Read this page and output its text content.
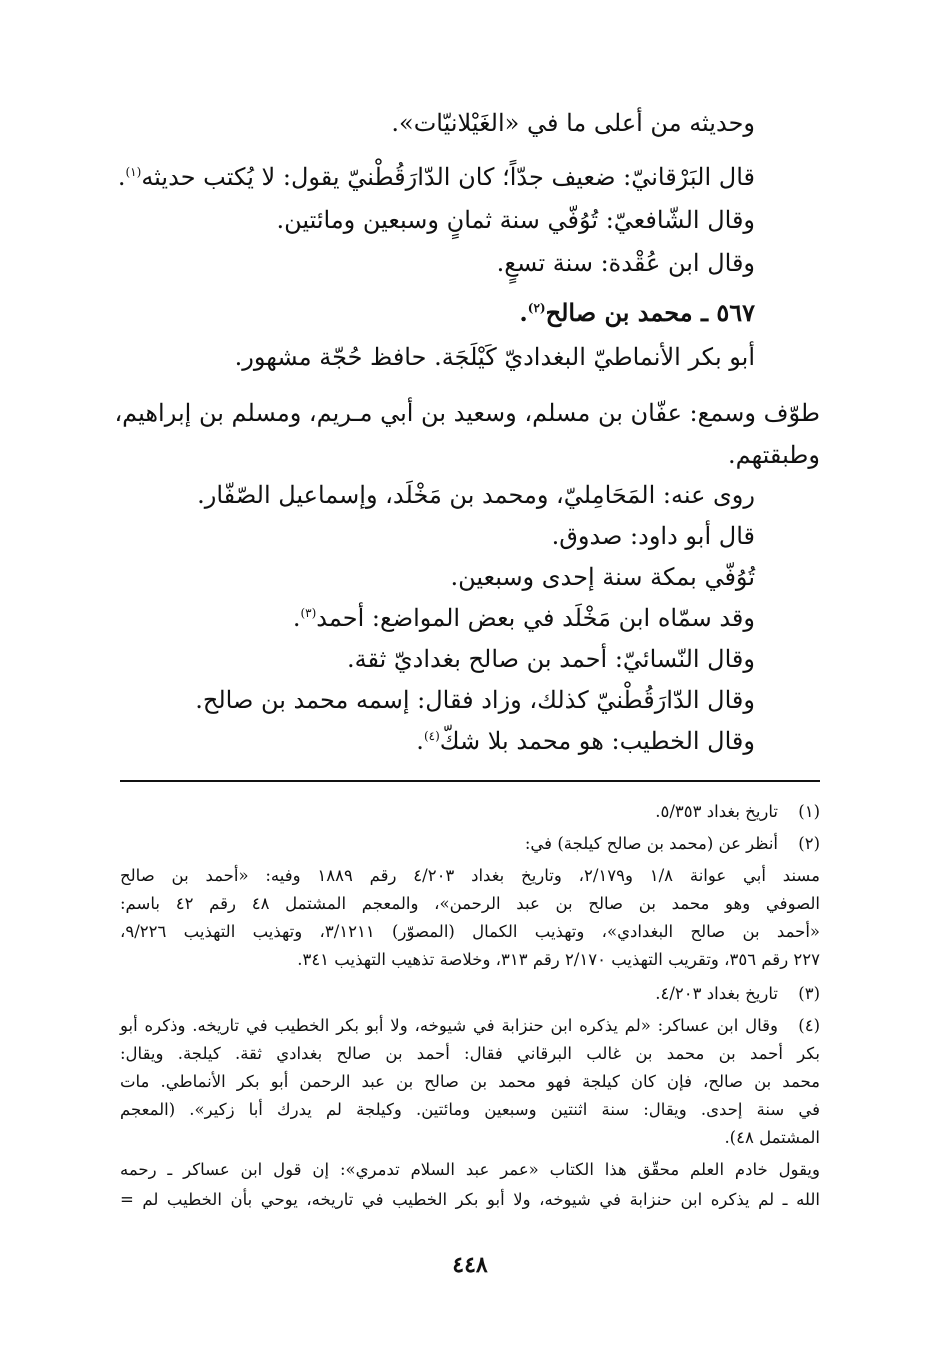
وحديثه من أعلى ما في «الغَيْلانيّات».
قال البَرْقانيّ: ضعيف جدّاً؛ كان الدّارَقُطْنيّ يقول: لا يُكتب حديثه$^{(١)}$.
وقال الشّافعيّ: تُوُفّي سنة ثمانٍ وسبعين ومائتين.
وقال ابن عُقْدة: سنة تسعٍ.
٥٦٧ ـ محمد بن صالح$^{(٢)}$.
أبو بكر الأنماطيّ البغداديّ كَيْلَجَة. حافظ حُجّة مشهور.
طوّف وسمع: عفّان بن مسلم، وسعيد بن أبي مـريم، ومسلم بن إبراهيم،
وطبقتهم.
روى عنه: المَحَامِليّ، ومحمد بن مَخْلَد، وإسماعيل الصّفّار.
قال أبو داود: صدوق.
تُوُفّي بمكة سنة إحدى وسبعين.
وقد سمّاه ابن مَخْلَد في بعض المواضع: أحمد$^{(٣)}$.
وقال النّسائيّ: أحمد بن صالح بغداديّ ثقة.
وقال الدّارَقُطْنيّ كذلك، وزاد فقال: إسمه محمد بن صالح.
وقال الخطيب: هو محمد بلا شكّ$^{(٤)}$.
(١)
تاريخ بغداد ٥/٣٥٣.
(٢)
أنظر عن (محمد بن صالح كيلجة) في:
مسند أبي عوانة ١/٨ و٢/١٧٩، وتاريخ بغداد ٤/٢٠٣ رقم ١٨٨٩ وفيه: «أحمد بن صالح
الصوفي وهو محمد بن صالح بن عبد الرحمن»، والمعجم المشتمل ٤٨ رقم ٤٢ باسم:
«أحمد بن صالح البغدادي»، وتهذيب الكمال (المصوّر) ٣/١٢١١، وتهذيب التهذيب ٩/٢٢٦،
٢٢٧ رقم ٣٥٦، وتقريب التهذيب ٢/١٧٠ رقم ٣١٣، وخلاصة تذهيب التهذيب ٣٤١.
(٣)
تاريخ بغداد ٤/٢٠٣.
(٤)
وقال ابن عساكر: «لم يذكره ابن حنزابة في شيوخه، ولا أبو بكر الخطيب في تاريخه. وذكره أبو
بكر أحمد بن محمد بن غالب البرقاني فقال: أحمد بن صالح بغدادي ثقة. كيلجة. ويقال:
محمد بن صالح، فإن كان كيلجة فهو محمد بن صالح بن عبد الرحمن أبو بكر الأنماطي. مات
في سنة إحدى. ويقال: سنة اثنتين وسبعين ومائتين. وكيلجة لم يدرك أبا زكير». (المعجم
المشتمل ٤٨).
ويقول خادم العلم محقّق هذا الكتاب «عمر عبد السلام تدمري»: إن قول ابن عساكر ـ رحمه
الله ـ لم يذكره ابن حنزابة في شيوخه، ولا أبو بكر الخطيب في تاريخه، يوحي بأن الخطيب لم =
٤٤٨
